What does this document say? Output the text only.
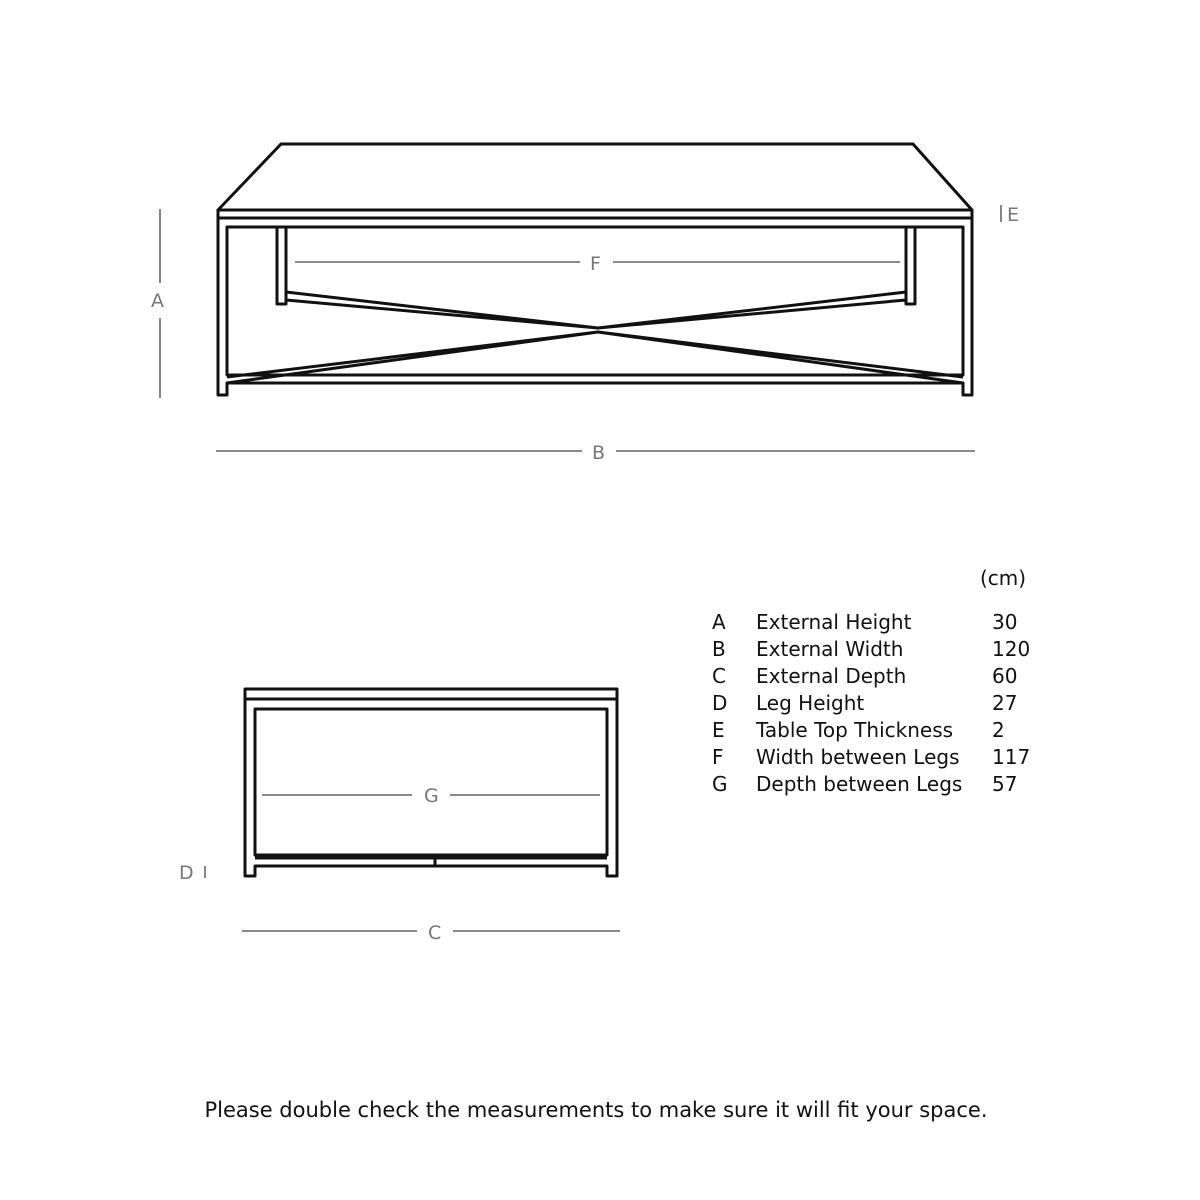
A
B
F
E
G
C
D
(cm)
A	External Height	30
B	External Width	120
C	External Depth	60
D	Leg Height	27
E	Table Top Thickness 2
F	Width between Legs 117
G	Depth between Legs 57
Please double check the measurements to make sure it will fit your space.
